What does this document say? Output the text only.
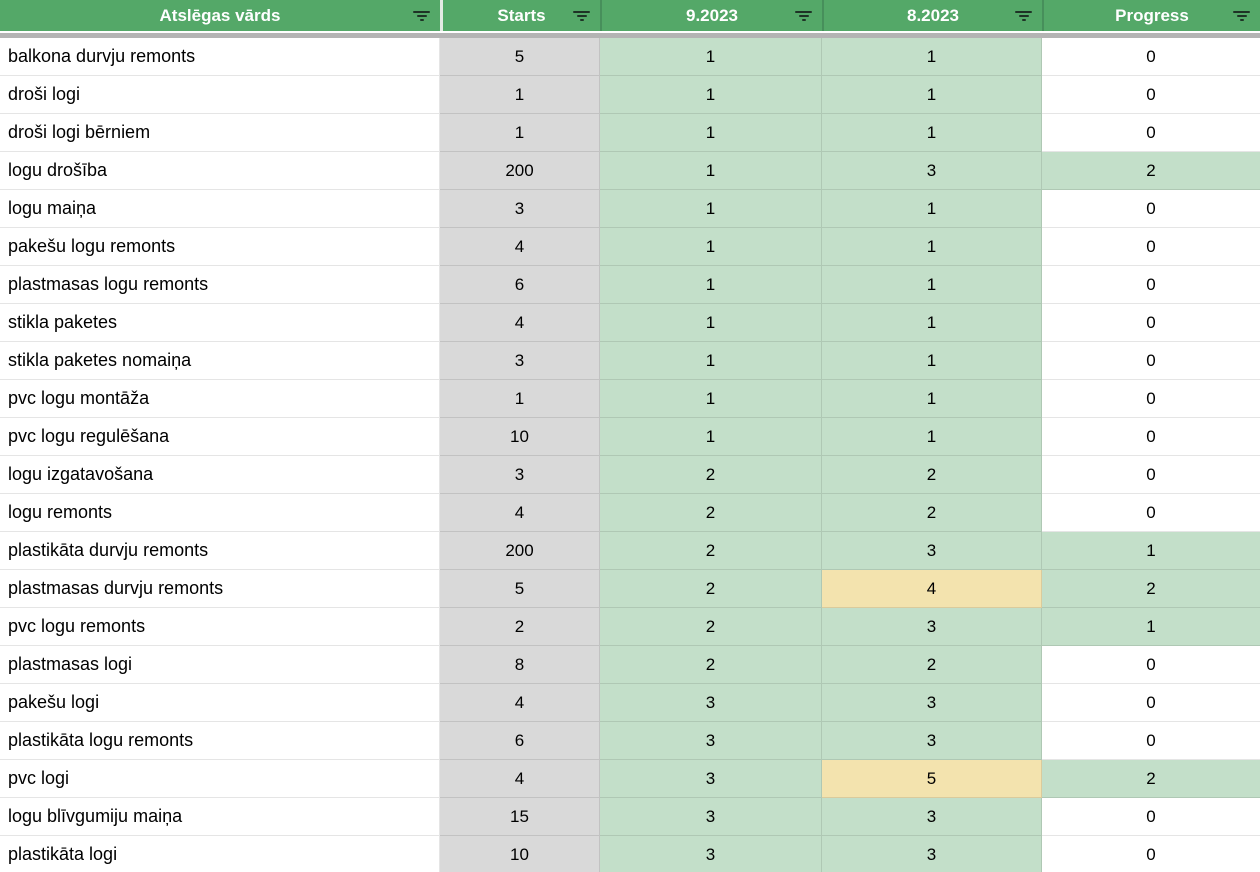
Atslēgas vārds	Starts	9.2023	8.2023	Progress
balkona durvju remonts	5	1	1	0
droši logi	1	1	1	0
droši logi bērniem	1	1	1	0
logu drošība	200	1	3	2
logu maiņa	3	1	1	0
pakešu logu remonts	4	1	1	0
plastmasas logu remonts	6	1	1	0
stikla paketes	4	1	1	0
stikla paketes nomaiņa	3	1	1	0
pvc logu montāža	1	1	1	0
pvc logu regulēšana	10	1	1	0
logu izgatavošana	3	2	2	0
logu remonts	4	2	2	0
plastikāta durvju remonts	200	2	3	1
plastmasas durvju remonts	5	2	4	2
pvc logu remonts	2	2	3	1
plastmasas logi	8	2	2	0
pakešu logi	4	3	3	0
plastikāta logu remonts	6	3	3	0
pvc logi	4	3	5	2
logu blīvgumiju maiņa	15	3	3	0
plastikāta logi	10	3	3	0
